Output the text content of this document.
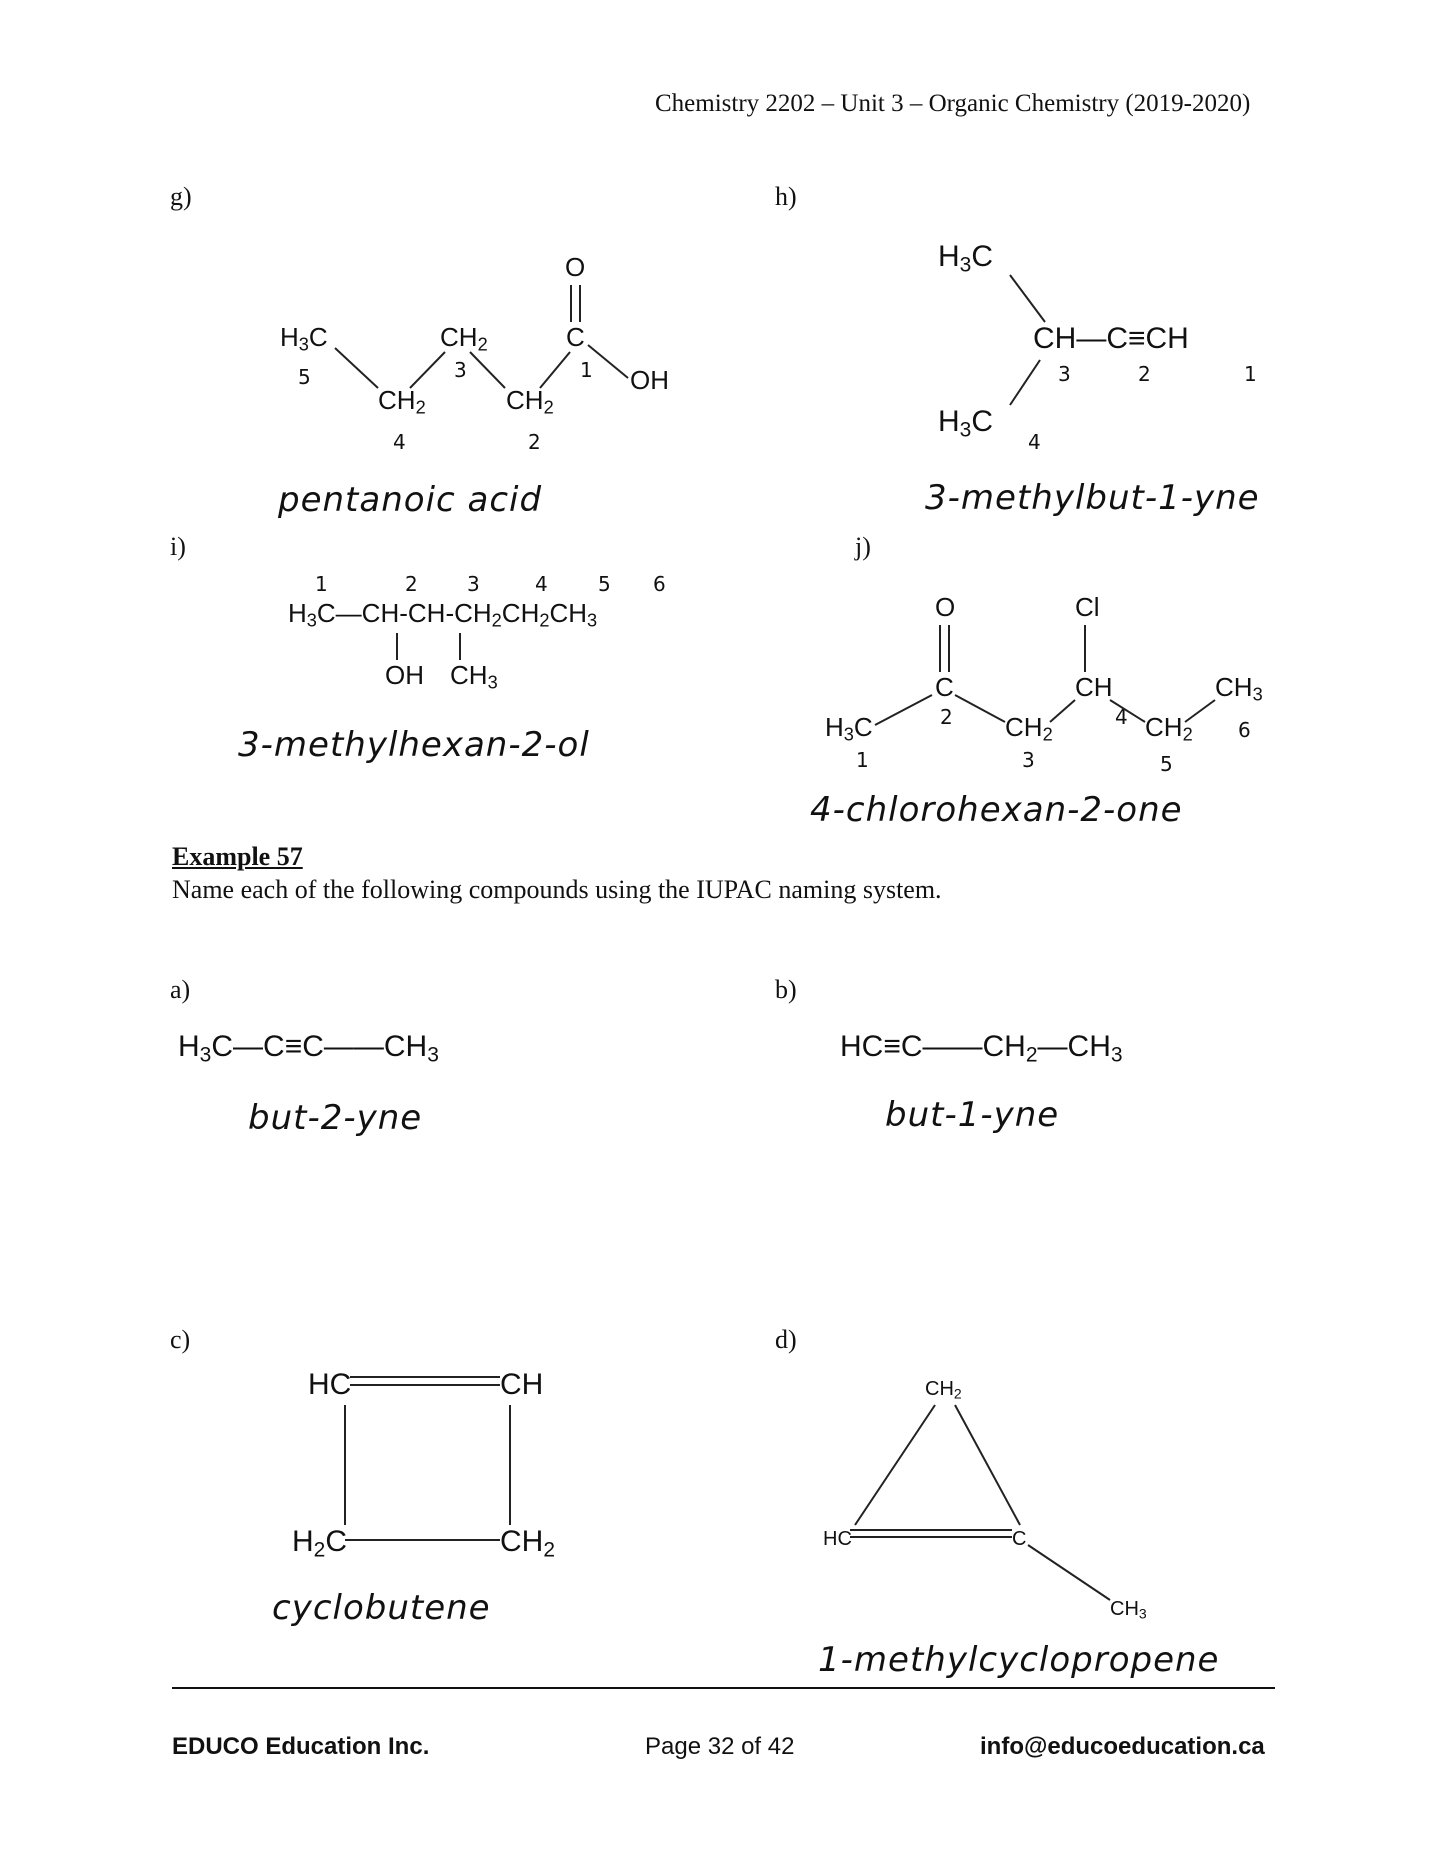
Chemistry 2202 – Unit 3 – Organic Chemistry (2019-2020)
g)
$H_3C$	$CH_2$
$CH_2$	$CH_2$
C
O
OH
5
4
3
2
1
pentanoic acid
h)
$H_3C$
CH—C≡CH
$H_3C$
4
3	2	1
3-methylbut-1-yne
i)
1	2 3	4	5 6
$H_3C—CH-CH-CH_2CH_2CH_3$
OH $CH_3$
3-methylhexan-2-ol
j)
O	Cl
$H_3C$
C
$CH_2$
CH
$CH_2$
$CH_3$
1
2
3
4
5
6
4-chlorohexan-2-one
Example 57
Name each of the following compounds using the IUPAC naming system.
a)
$H_3C—C\equiv C——CH_3$
but-2-yne
b)
$HC\equiv C——CH_2—CH_3$
but-1-yne
c)
HC	CH
$H_2C$	$CH_2$
cyclobutene
d)
$CH_2$
HC	C
$CH_3$
1-methylcyclopropene
EDUCO Education Inc.	Page 32 of 42	info@educoeducation.ca
